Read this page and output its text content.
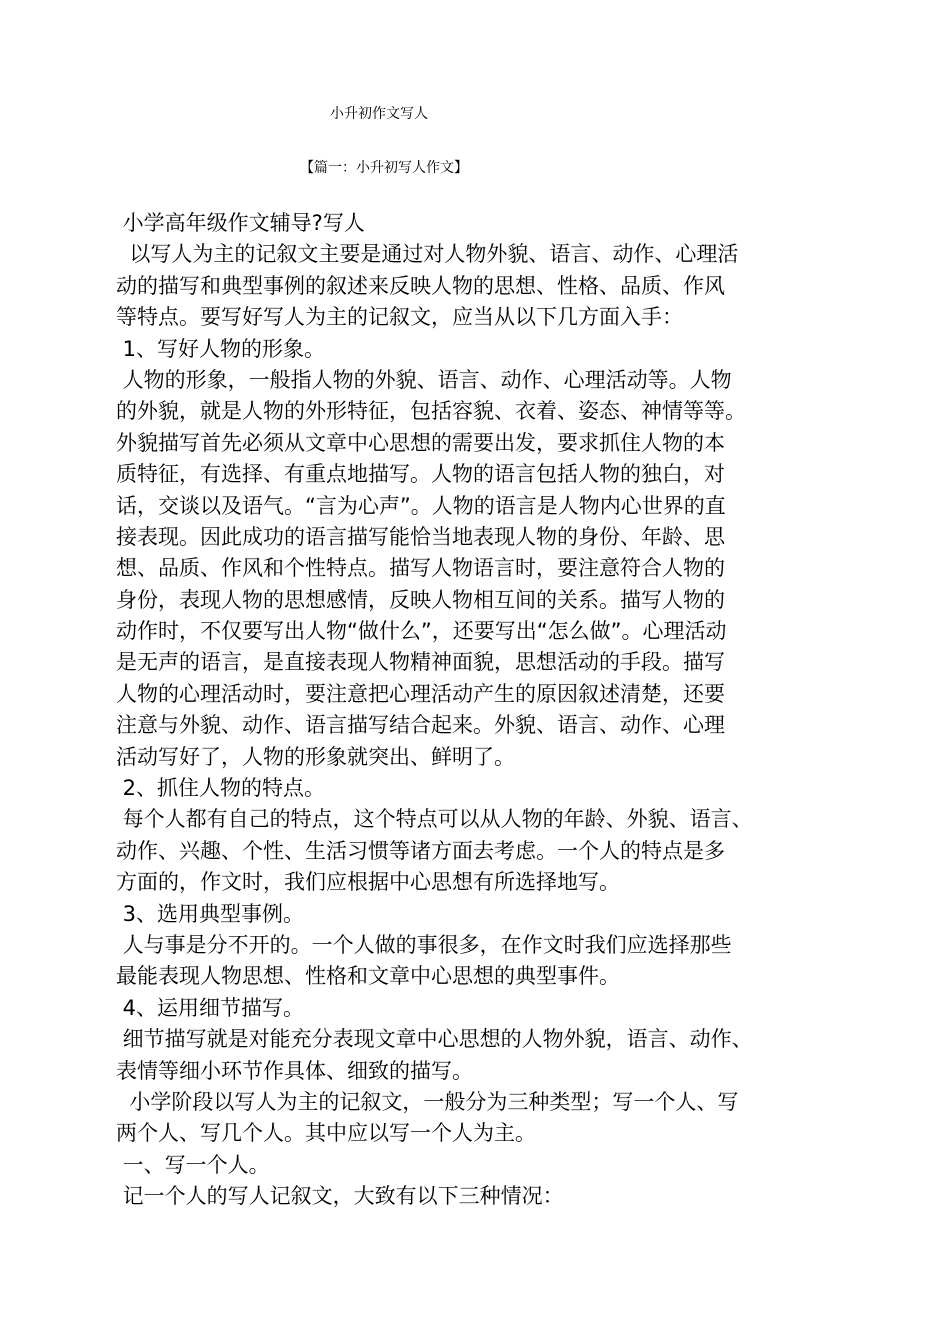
小升初作文写人
【篇一：小升初写人作文】
小学高年级作文辅导?写人
以写人为主的记叙文主要是通过对人物外貌、语言、动作、心理活
动的描写和典型事例的叙述来反映人物的思想、性格、品质、作风
等特点。要写好写人为主的记叙文，应当从以下几方面入手：
1、写好人物的形象。
人物的形象，一般指人物的外貌、语言、动作、心理活动等。人物
的外貌，就是人物的外形特征，包括容貌、衣着、姿态、神情等等。
外貌描写首先必须从文章中心思想的需要出发，要求抓住人物的本
质特征，有选择、有重点地描写。人物的语言包括人物的独白，对
话，交谈以及语气。“言为心声”。人物的语言是人物内心世界的直
接表现。因此成功的语言描写能恰当地表现人物的身份、年龄、思
想、品质、作风和个性特点。描写人物语言时，要注意符合人物的
身份，表现人物的思想感情，反映人物相互间的关系。描写人物的
动作时，不仅要写出人物“做什么”，还要写出“怎么做”。心理活动
是无声的语言，是直接表现人物精神面貌，思想活动的手段。描写
人物的心理活动时，要注意把心理活动产生的原因叙述清楚，还要
注意与外貌、动作、语言描写结合起来。外貌、语言、动作、心理
活动写好了，人物的形象就突出、鲜明了。
2、抓住人物的特点。
每个人都有自己的特点，这个特点可以从人物的年龄、外貌、语言、
动作、兴趣、个性、生活习惯等诸方面去考虑。一个人的特点是多
方面的，作文时，我们应根据中心思想有所选择地写。
3、选用典型事例。
人与事是分不开的。一个人做的事很多，在作文时我们应选择那些
最能表现人物思想、性格和文章中心思想的典型事件。
4、运用细节描写。
细节描写就是对能充分表现文章中心思想的人物外貌，语言、动作、
表情等细小环节作具体、细致的描写。
小学阶段以写人为主的记叙文，一般分为三种类型；写一个人、写
两个人、写几个人。其中应以写一个人为主。
一、写一个人。
记一个人的写人记叙文，大致有以下三种情况：
